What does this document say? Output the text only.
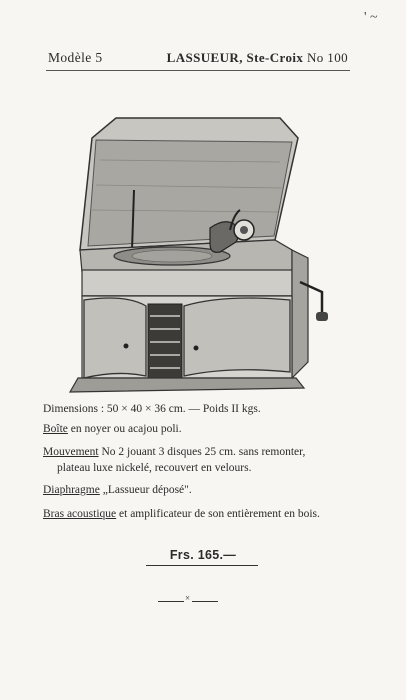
' ~
Modèle 5	LASSUEUR, Ste-Croix No 100
Dimensions : 50 × 40 × 36 cm. — Poids II kgs.
Boîte en noyer ou acajou poli.
Mouvement No 2 jouant 3 disques 25 cm. sans remonter,
plateau luxe nickelé, recouvert en velours.
Diaphragme „Lassueur déposé".
Bras acoustique et amplificateur de son entièrement en bois.
Frs. 165.—
×
